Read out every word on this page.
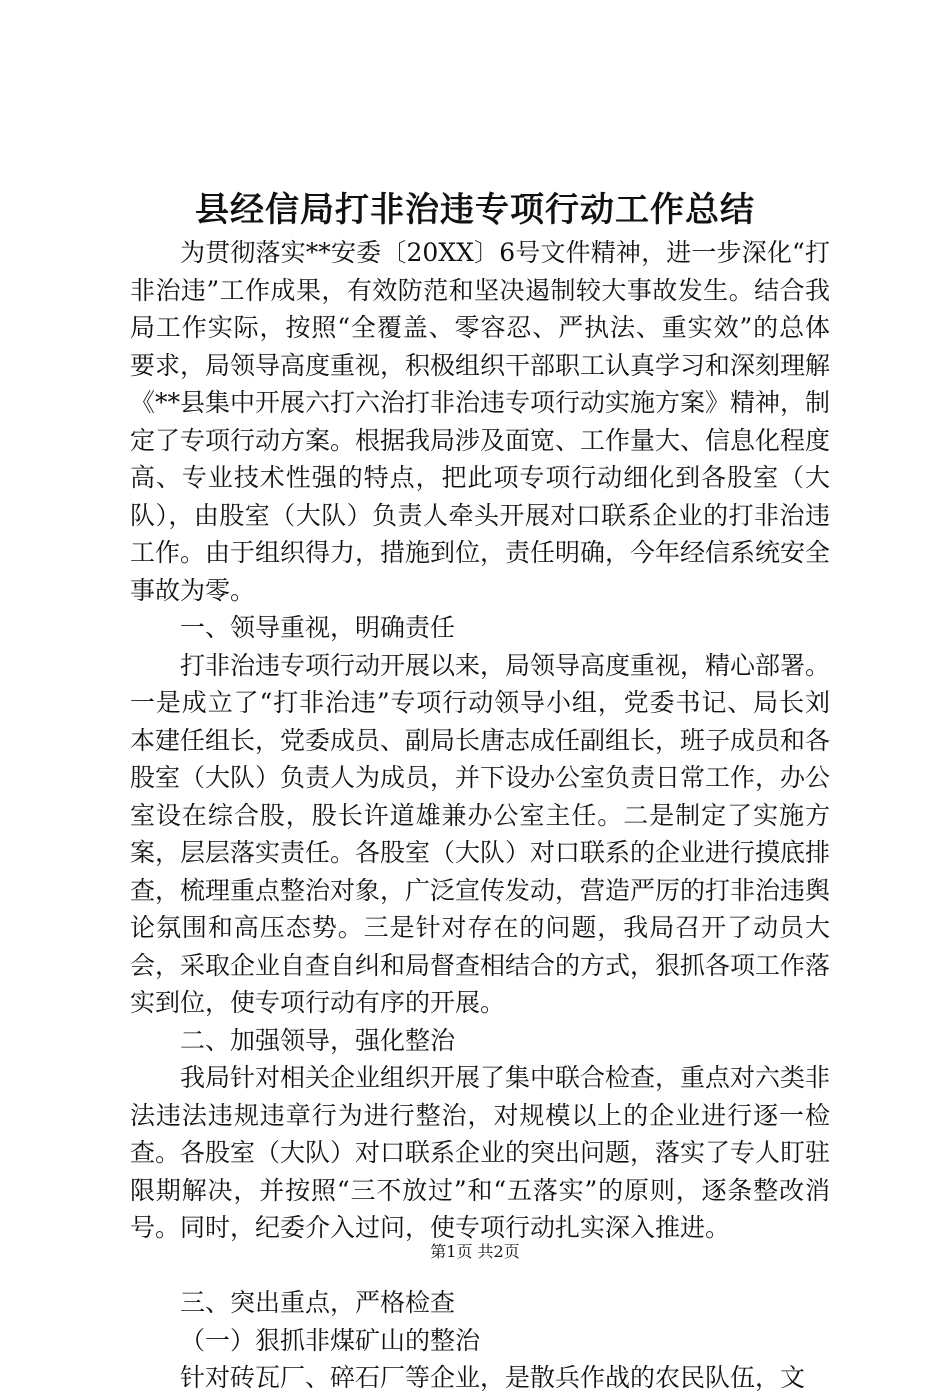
县经信局打非治违专项行动工作总结

为贯彻落实**安委〔20XX〕6号文件精神，进一步深化“打非治违”工作成果，有效防范和坚决遏制较大事故发生。结合我局工作实际，按照“全覆盖、零容忍、严执法、重实效”的总体要求，局领导高度重视，积极组织干部职工认真学习和深刻理解《**县集中开展六打六治打非治违专项行动实施方案》精神，制定了专项行动方案。根据我局涉及面宽、工作量大、信息化程度高、专业技术性强的特点，把此项专项行动细化到各股室（大队），由股室（大队）负责人牵头开展对口联系企业的打非治违工作。由于组织得力，措施到位，责任明确，今年经信系统安全事故为零。

一、领导重视，明确责任

打非治违专项行动开展以来，局领导高度重视，精心部署。一是成立了“打非治违”专项行动领导小组，党委书记、局长刘本建任组长，党委成员、副局长唐志成任副组长，班子成员和各股室（大队）负责人为成员，并下设办公室负责日常工作，办公室设在综合股，股长许道雄兼办公室主任。二是制定了实施方案，层层落实责任。各股室（大队）对口联系的企业进行摸底排查，梳理重点整治对象，广泛宣传发动，营造严厉的打非治违舆论氛围和高压态势。三是针对存在的问题，我局召开了动员大会，采取企业自查自纠和局督查相结合的方式，狠抓各项工作落实到位，使专项行动有序的开展。

二、加强领导，强化整治

我局针对相关企业组织开展了集中联合检查，重点对六类非法违法违规违章行为进行整治，对规模以上的企业进行逐一检查。各股室（大队）对口联系企业的突出问题，落实了专人盯驻限期解决，并按照“三不放过”和“五落实”的原则，逐条整改消号。同时，纪委介入过问，使专项行动扎实深入推进。

三、突出重点，严格检查

（一）狠抓非煤矿山的整治

针对砖瓦厂、碎石厂等企业，是散兵作战的农民队伍，文

第1页 共2页
